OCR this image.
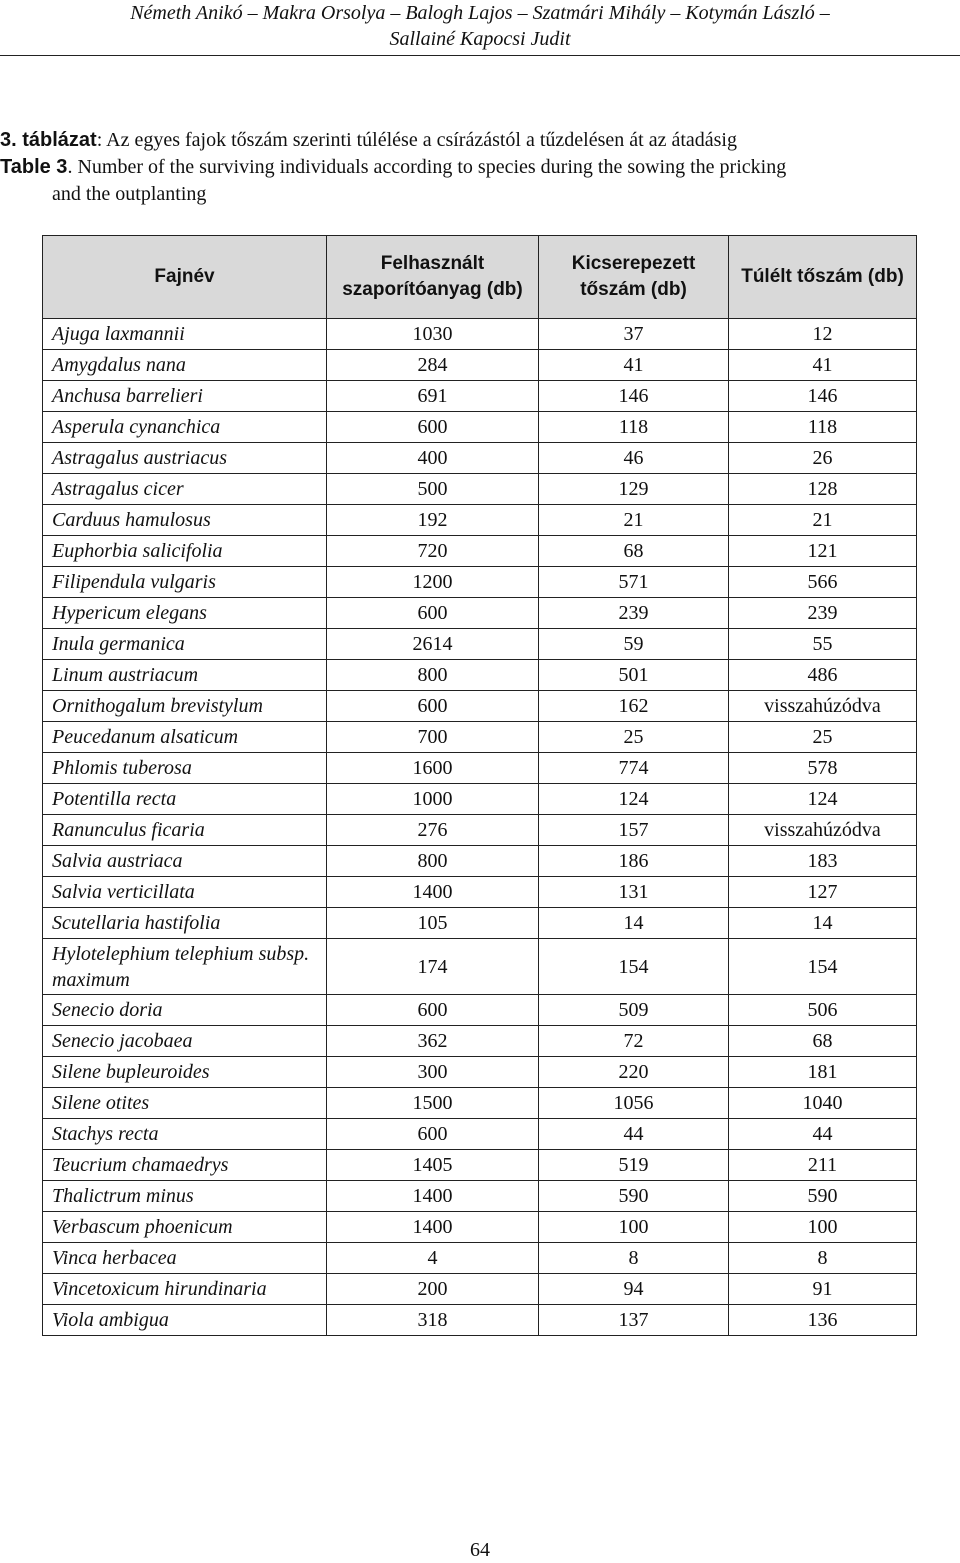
Németh Anikó – Makra Orsolya – Balogh Lajos – Szatmári Mihály – Kotymán László –
Sallainé Kapocsi Judit
3. táblázat: Az egyes fajok tőszám szerinti túlélése a csírázástól a tűzdelésen át az átadásig
Table 3. Number of the surviving individuals according to species during the sowing the pricking
and the outplanting
Fajnév	Felhasznált szaporítóanyag (db)	Kicserepezett tőszám (db)	Túlélt tőszám (db)
Ajuga laxmannii	1030	37	12
Amygdalus nana	284	41	41
Anchusa barrelieri	691	146	146
Asperula cynanchica	600	118	118
Astragalus austriacus	400	46	26
Astragalus cicer	500	129	128
Carduus hamulosus	192	21	21
Euphorbia salicifolia	720	68	121
Filipendula vulgaris	1200	571	566
Hypericum elegans	600	239	239
Inula germanica	2614	59	55
Linum austriacum	800	501	486
Ornithogalum brevistylum	600	162	visszahúzódva
Peucedanum alsaticum	700	25	25
Phlomis tuberosa	1600	774	578
Potentilla recta	1000	124	124
Ranunculus ficaria	276	157	visszahúzódva
Salvia austriaca	800	186	183
Salvia verticillata	1400	131	127
Scutellaria hastifolia	105	14	14
Hylotelephium telephium subsp. maximum	174	154	154
Senecio doria	600	509	506
Senecio jacobaea	362	72	68
Silene bupleuroides	300	220	181
Silene otites	1500	1056	1040
Stachys recta	600	44	44
Teucrium chamaedrys	1405	519	211
Thalictrum minus	1400	590	590
Verbascum phoenicum	1400	100	100
Vinca herbacea	4	8	8
Vincetoxicum hirundinaria	200	94	91
Viola ambigua	318	137	136
64
